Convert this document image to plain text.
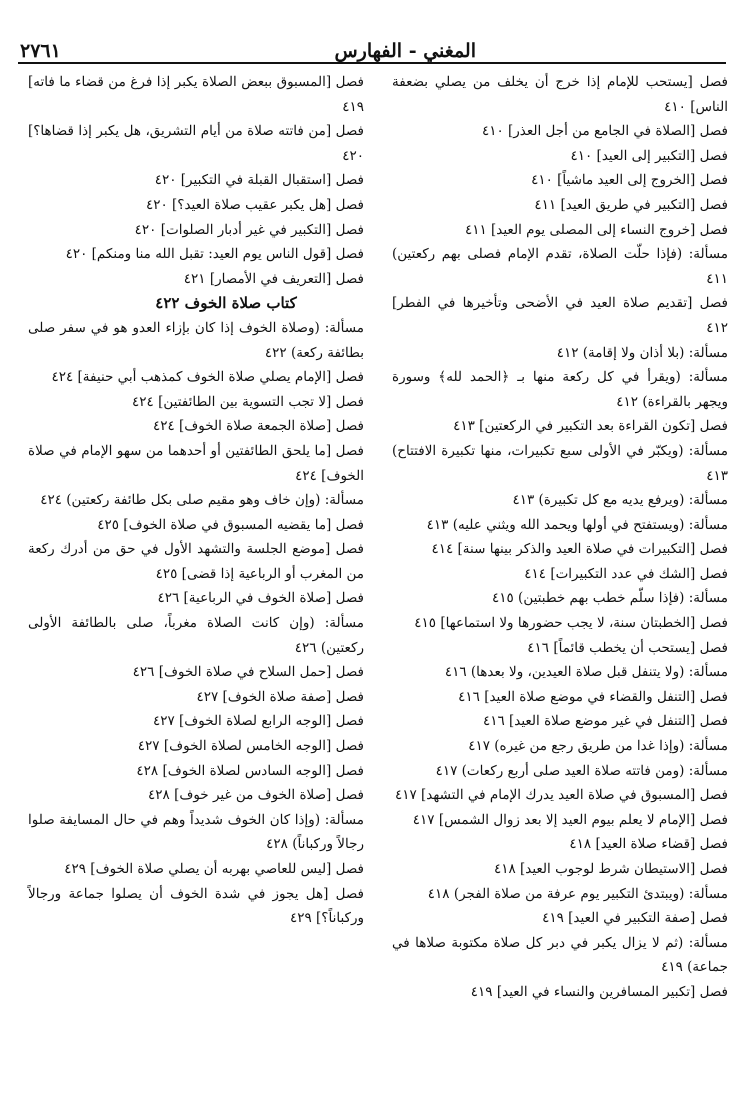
٢٧٦١	المغني - الفهارس

فصل [يستحب للإمام إذا خرج أن يخلف من يصلي بضعفة الناس] ٤١٠

فصل [الصلاة في الجامع من أجل العذر] ٤١٠

فصل [التكبير إلى العيد] ٤١٠

فصل [الخروج إلى العيد ماشياً] ٤١٠

فصل [التكبير في طريق العيد] ٤١١

فصل [خروج النساء إلى المصلى يوم العيد] ٤١١

مسألة: (فإذا حلّت الصلاة، تقدم الإمام فصلى بهم ركعتين) ٤١١

فصل [تقديم صلاة العيد في الأضحى وتأخيرها في الفطر] ٤١٢

مسألة: (بلا أذان ولا إقامة) ٤١٢

مسألة: (ويقرأ في كل ركعة منها بـ ﴿الحمد لله﴾ وسورة ويجهر بالقراءة) ٤١٢

فصل [تكون القراءة بعد التكبير في الركعتين] ٤١٣

مسألة: (ويكبّر في الأولى سبع تكبيرات، منها تكبيرة الافتتاح) ٤١٣

مسألة: (ويرفع يديه مع كل تكبيرة) ٤١٣

مسألة: (ويستفتح في أولها ويحمد الله ويثني عليه) ٤١٣

فصل [التكبيرات في صلاة العيد والذكر بينها سنة] ٤١٤

فصل [الشك في عدد التكبيرات] ٤١٤

مسألة: (فإذا سلّم خطب بهم خطبتين) ٤١٥

فصل [الخطبتان سنة، لا يجب حضورها ولا استماعها] ٤١٥

فصل [يستحب أن يخطب قائماً] ٤١٦

مسألة: (ولا يتنفل قبل صلاة العيدين، ولا بعدها) ٤١٦

فصل [التنفل والقضاء في موضع صلاة العيد] ٤١٦

فصل [التنفل في غير موضع صلاة العيد] ٤١٦

مسألة: (وإذا غدا من طريق رجع من غيره) ٤١٧

مسألة: (ومن فاتته صلاة العيد صلى أربع ركعات) ٤١٧

فصل [المسبوق في صلاة العيد يدرك الإمام في التشهد] ٤١٧

فصل [الإمام لا يعلم بيوم العيد إلا بعد زوال الشمس] ٤١٧

فصل [قضاء صلاة العيد] ٤١٨

فصل [الاستيطان شرط لوجوب العيد] ٤١٨

مسألة: (ويبتدئ التكبير يوم عرفة من صلاة الفجر) ٤١٨

فصل [صفة التكبير في العيد] ٤١٩

مسألة: (ثم لا يزال يكبر في دبر كل صلاة مكتوبة صلاها في جماعة) ٤١٩

فصل [تكبير المسافرين والنساء في العيد] ٤١٩

فصل [المسبوق ببعض الصلاة يكبر إذا فرغ من قضاء ما فاته] ٤١٩

فصل [من فاتته صلاة من أيام التشريق، هل يكبر إذا قضاها؟] ٤٢٠

فصل [استقبال القبلة في التكبير] ٤٢٠

فصل [هل يكبر عقيب صلاة العيد؟] ٤٢٠

فصل [التكبير في غير أدبار الصلوات] ٤٢٠

فصل [قول الناس يوم العيد: تقبل الله منا ومنكم] ٤٢٠

فصل [التعريف في الأمصار] ٤٢١

كتاب صلاة الخوف ٤٢٢

مسألة: (وصلاة الخوف إذا كان بإزاء العدو هو في سفر صلى بطائفة ركعة) ٤٢٢

فصل [الإمام يصلي صلاة الخوف كمذهب أبي حنيفة] ٤٢٤

فصل [لا تجب التسوية بين الطائفتين] ٤٢٤

فصل [صلاة الجمعة صلاة الخوف] ٤٢٤

فصل [ما يلحق الطائفتين أو أحدهما من سهو الإمام في صلاة الخوف] ٤٢٤

مسألة: (وإن خاف وهو مقيم صلى بكل طائفة ركعتين) ٤٢٤

فصل [ما يقضيه المسبوق في صلاة الخوف] ٤٢٥

فصل [موضع الجلسة والتشهد الأول في حق من أدرك ركعة من المغرب أو الرباعية إذا قضى] ٤٢٥

فصل [صلاة الخوف في الرباعية] ٤٢٦

مسألة: (وإن كانت الصلاة مغرباً، صلى بالطائفة الأولى ركعتين) ٤٢٦

فصل [حمل السلاح في صلاة الخوف] ٤٢٦

فصل [صفة صلاة الخوف] ٤٢٧

فصل [الوجه الرابع لصلاة الخوف] ٤٢٧

فصل [الوجه الخامس لصلاة الخوف] ٤٢٧

فصل [الوجه السادس لصلاة الخوف] ٤٢٨

فصل [صلاة الخوف من غير خوف] ٤٢٨

مسألة: (وإذا كان الخوف شديداً وهم في حال المسايفة صلوا رجالاً وركباناً) ٤٢٨

فصل [ليس للعاصي بهربه أن يصلي صلاة الخوف] ٤٢٩

فصل [هل يجوز في شدة الخوف أن يصلوا جماعة ورجالاً وركباناً؟] ٤٢٩
